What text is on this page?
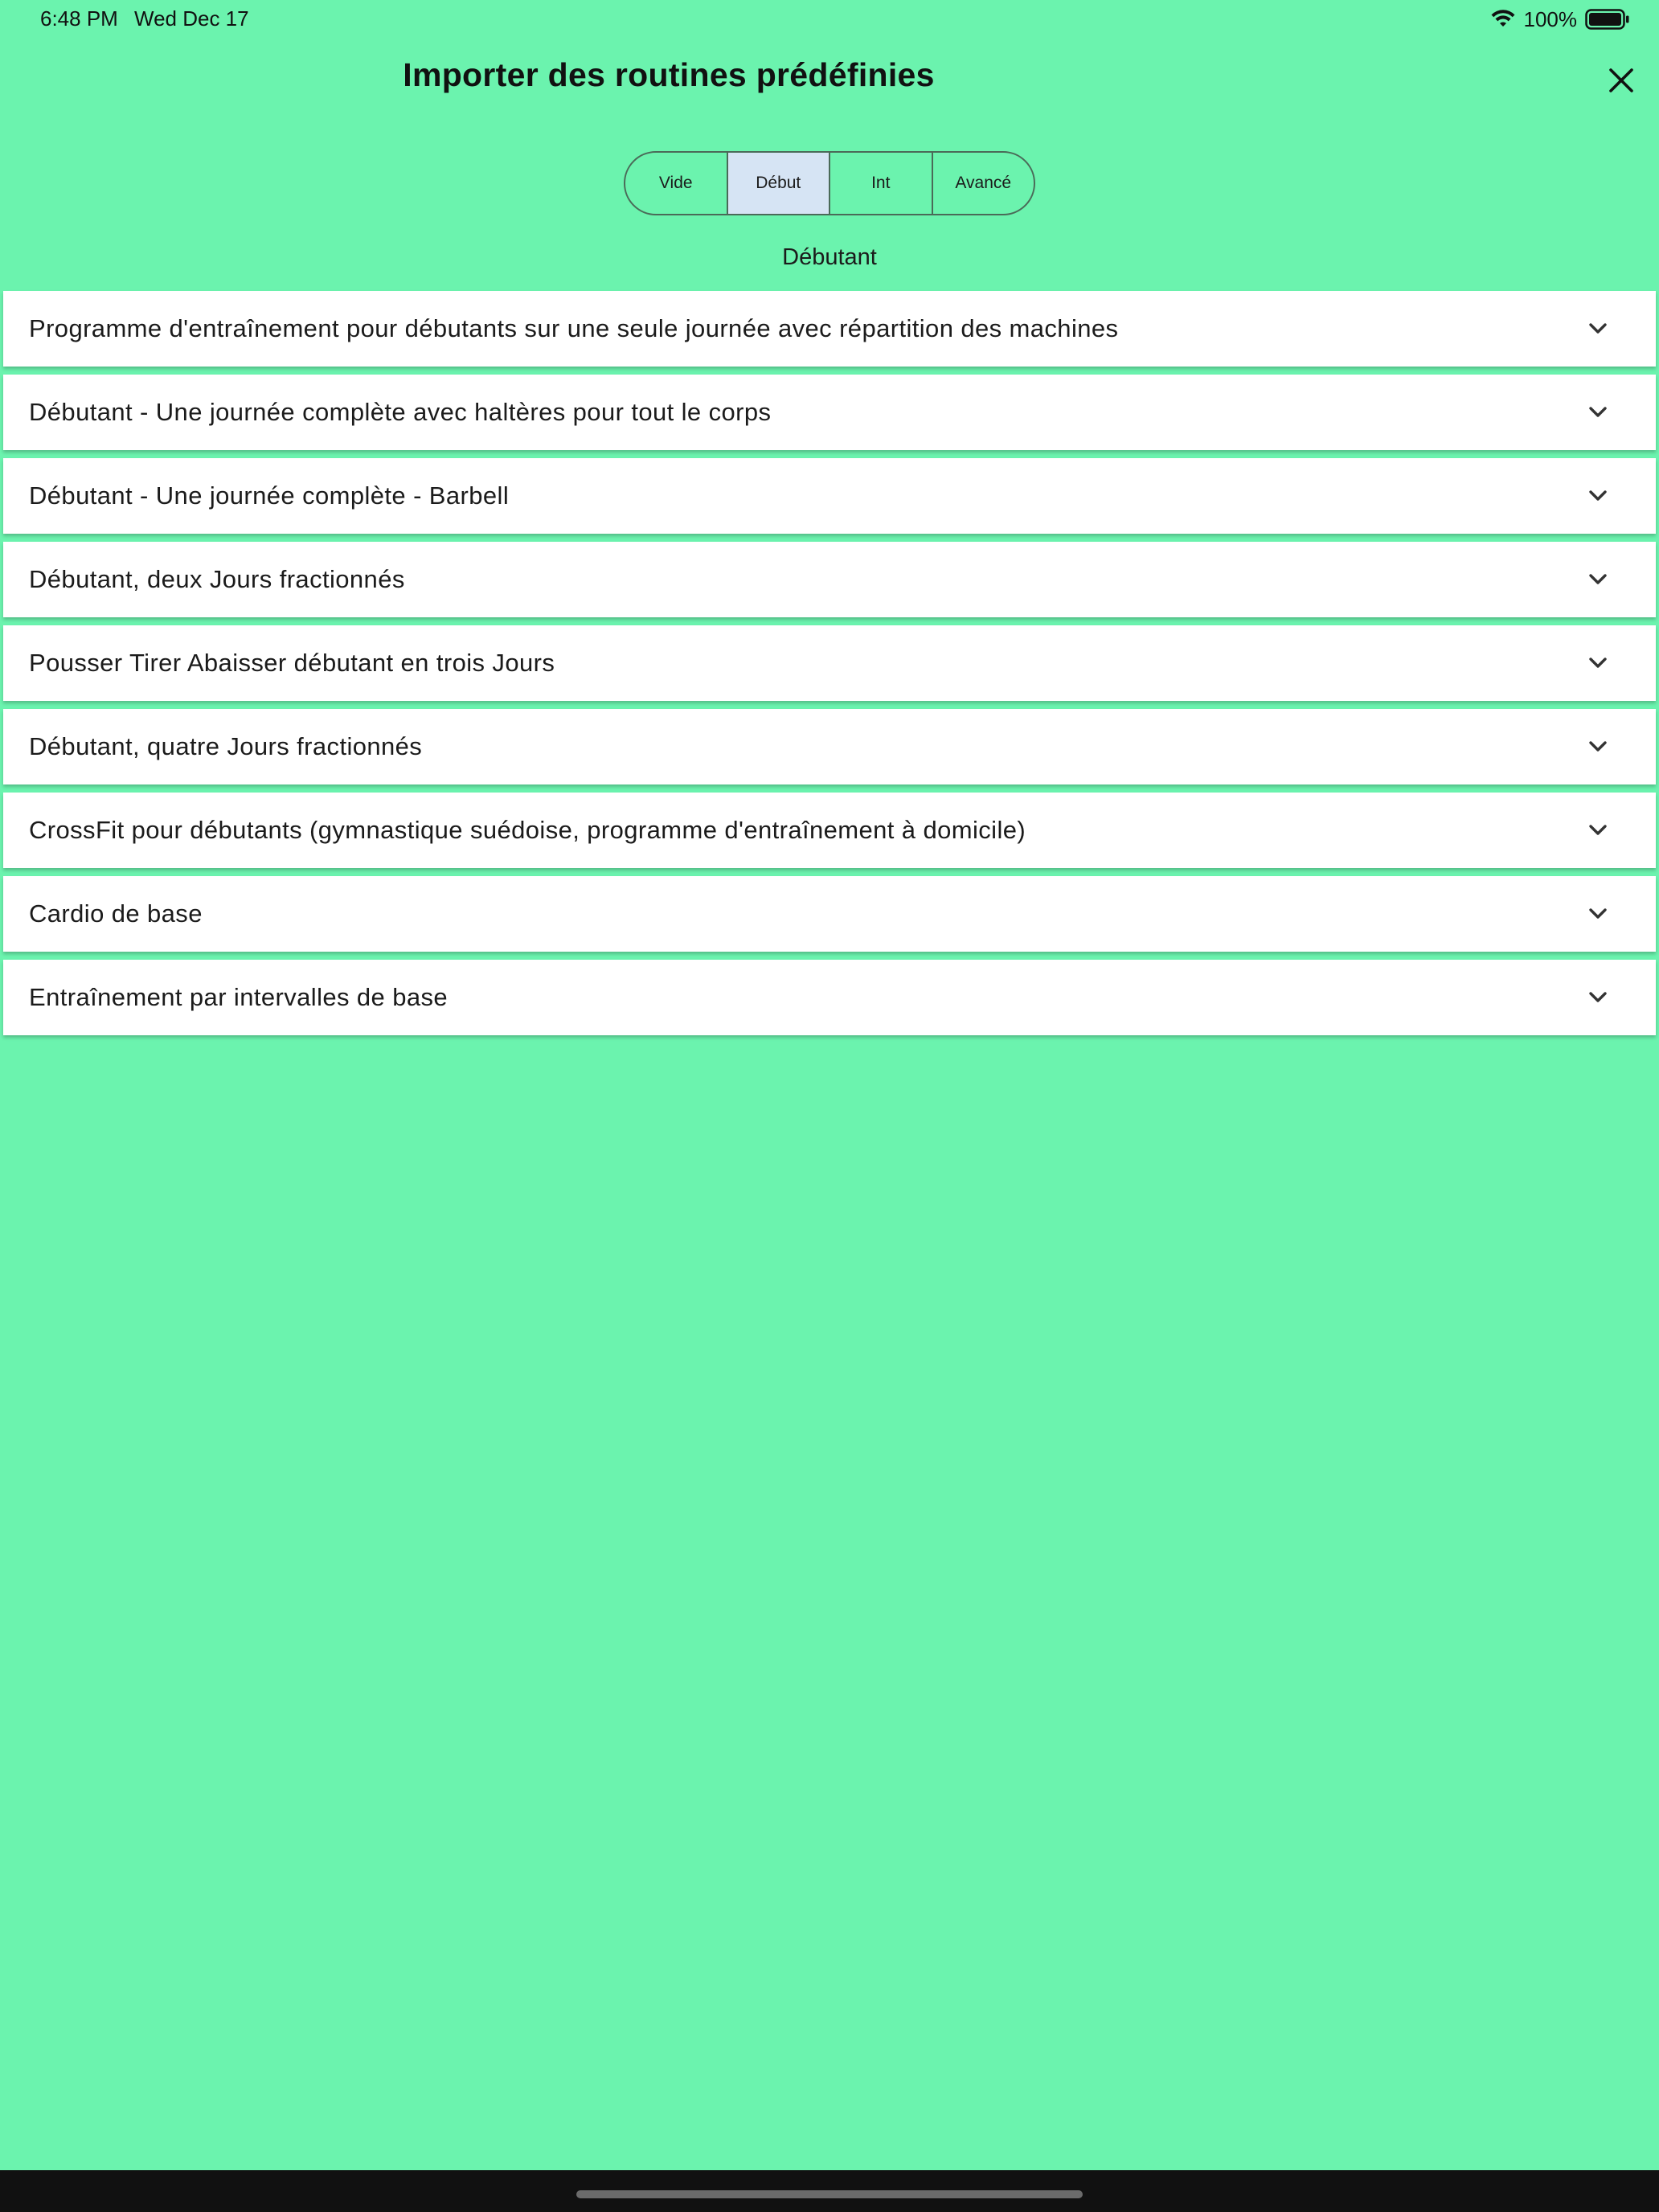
6:48 PM Wed Dec 17	100%
Importer des routines prédéfinies
Vide	Début	Int	Avancé
Débutant
Programme d'entraînement pour débutants sur une seule journée avec répartition des machines
Débutant - Une journée complète avec haltères pour tout le corps
Débutant - Une journée complète - Barbell
Débutant, deux Jours fractionnés
Pousser Tirer Abaisser débutant en trois Jours
Débutant, quatre Jours fractionnés
CrossFit pour débutants (gymnastique suédoise, programme d'entraînement à domicile)
Cardio de base
Entraînement par intervalles de base
